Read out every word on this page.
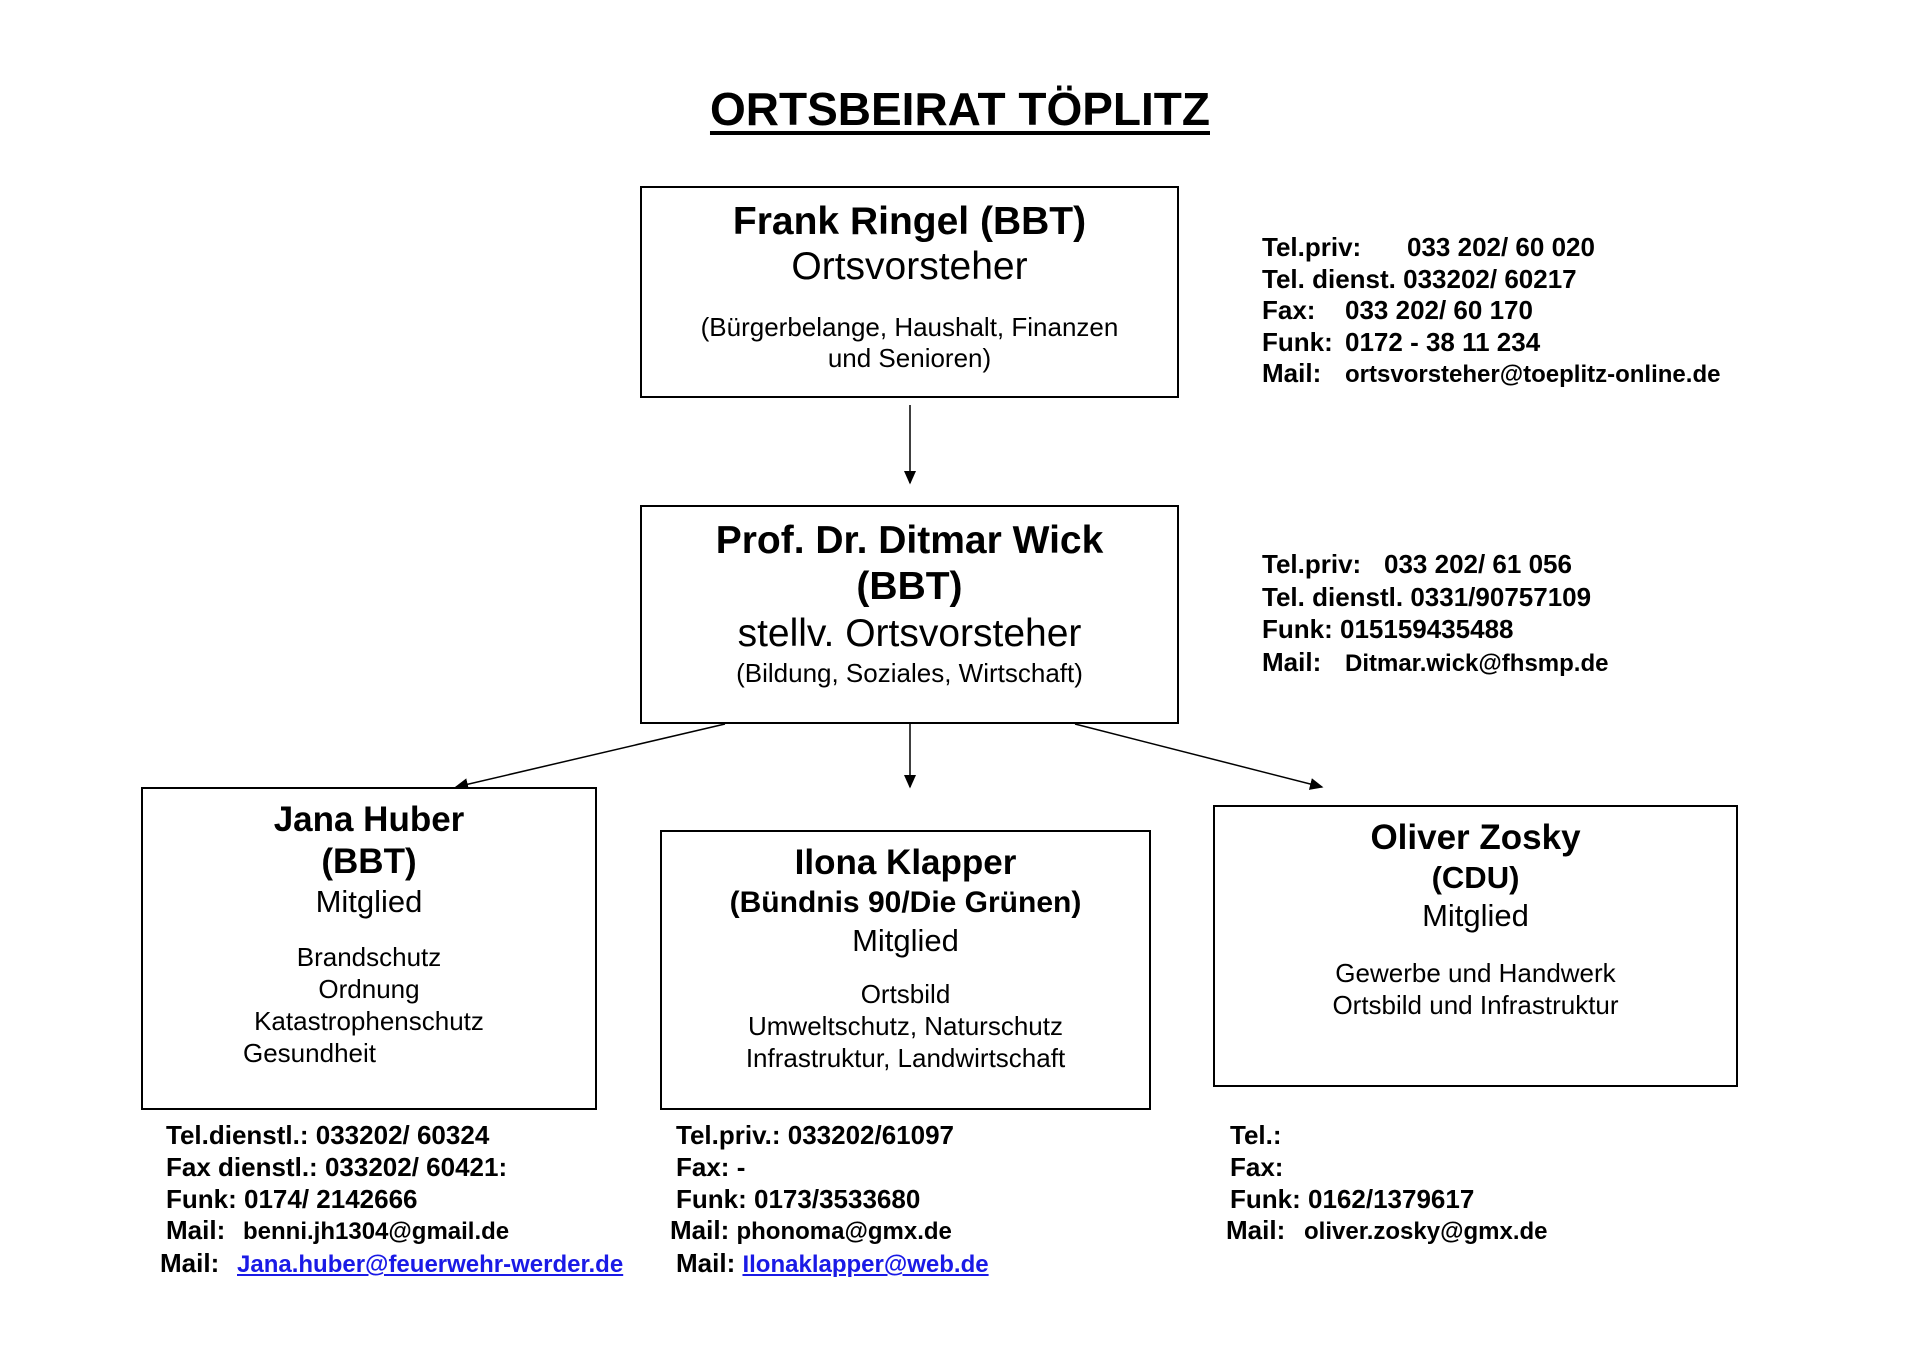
ORTSBEIRAT TÖPLITZ
Frank Ringel (BBT)
Ortsvorsteher
(Bürgerbelange, Haushalt, Finanzen
und Senioren)
Tel.priv: 033 202/ 60 020
Tel. dienst. 033202/ 60217
Fax: 033 202/ 60 170
Funk: 0172 - 38 11 234
Mail: ortsvorsteher@toeplitz-online.de
Prof. Dr. Ditmar Wick
(BBT)
stellv. Ortsvorsteher
(Bildung, Soziales, Wirtschaft)
Tel.priv: 033 202/ 61 056
Tel. dienstl. 0331/90757109
Funk: 015159435488
Mail: Ditmar.wick@fhsmp.de
Jana Huber
(BBT)
Mitglied
Brandschutz
Ordnung
Katastrophenschutz
Gesundheit
Ilona Klapper
(Bündnis 90/Die Grünen)
Mitglied
Ortsbild
Umweltschutz, Naturschutz
Infrastruktur, Landwirtschaft
Oliver Zosky
(CDU)
Mitglied
Gewerbe und Handwerk
Ortsbild und Infrastruktur
Tel.dienstl.: 033202/ 60324
Fax dienstl.: 033202/ 60421:
Funk: 0174/ 2142666
Mail: benni.jh1304@gmail.de
Mail: Jana.huber@feuerwehr-werder.de
Tel.priv.: 033202/61097
Fax: -
Funk: 0173/3533680
Mail: phonoma@gmx.de
Mail: Ilonaklapper@web.de
Tel.:
Fax:
Funk: 0162/1379617
Mail: oliver.zosky@gmx.de
